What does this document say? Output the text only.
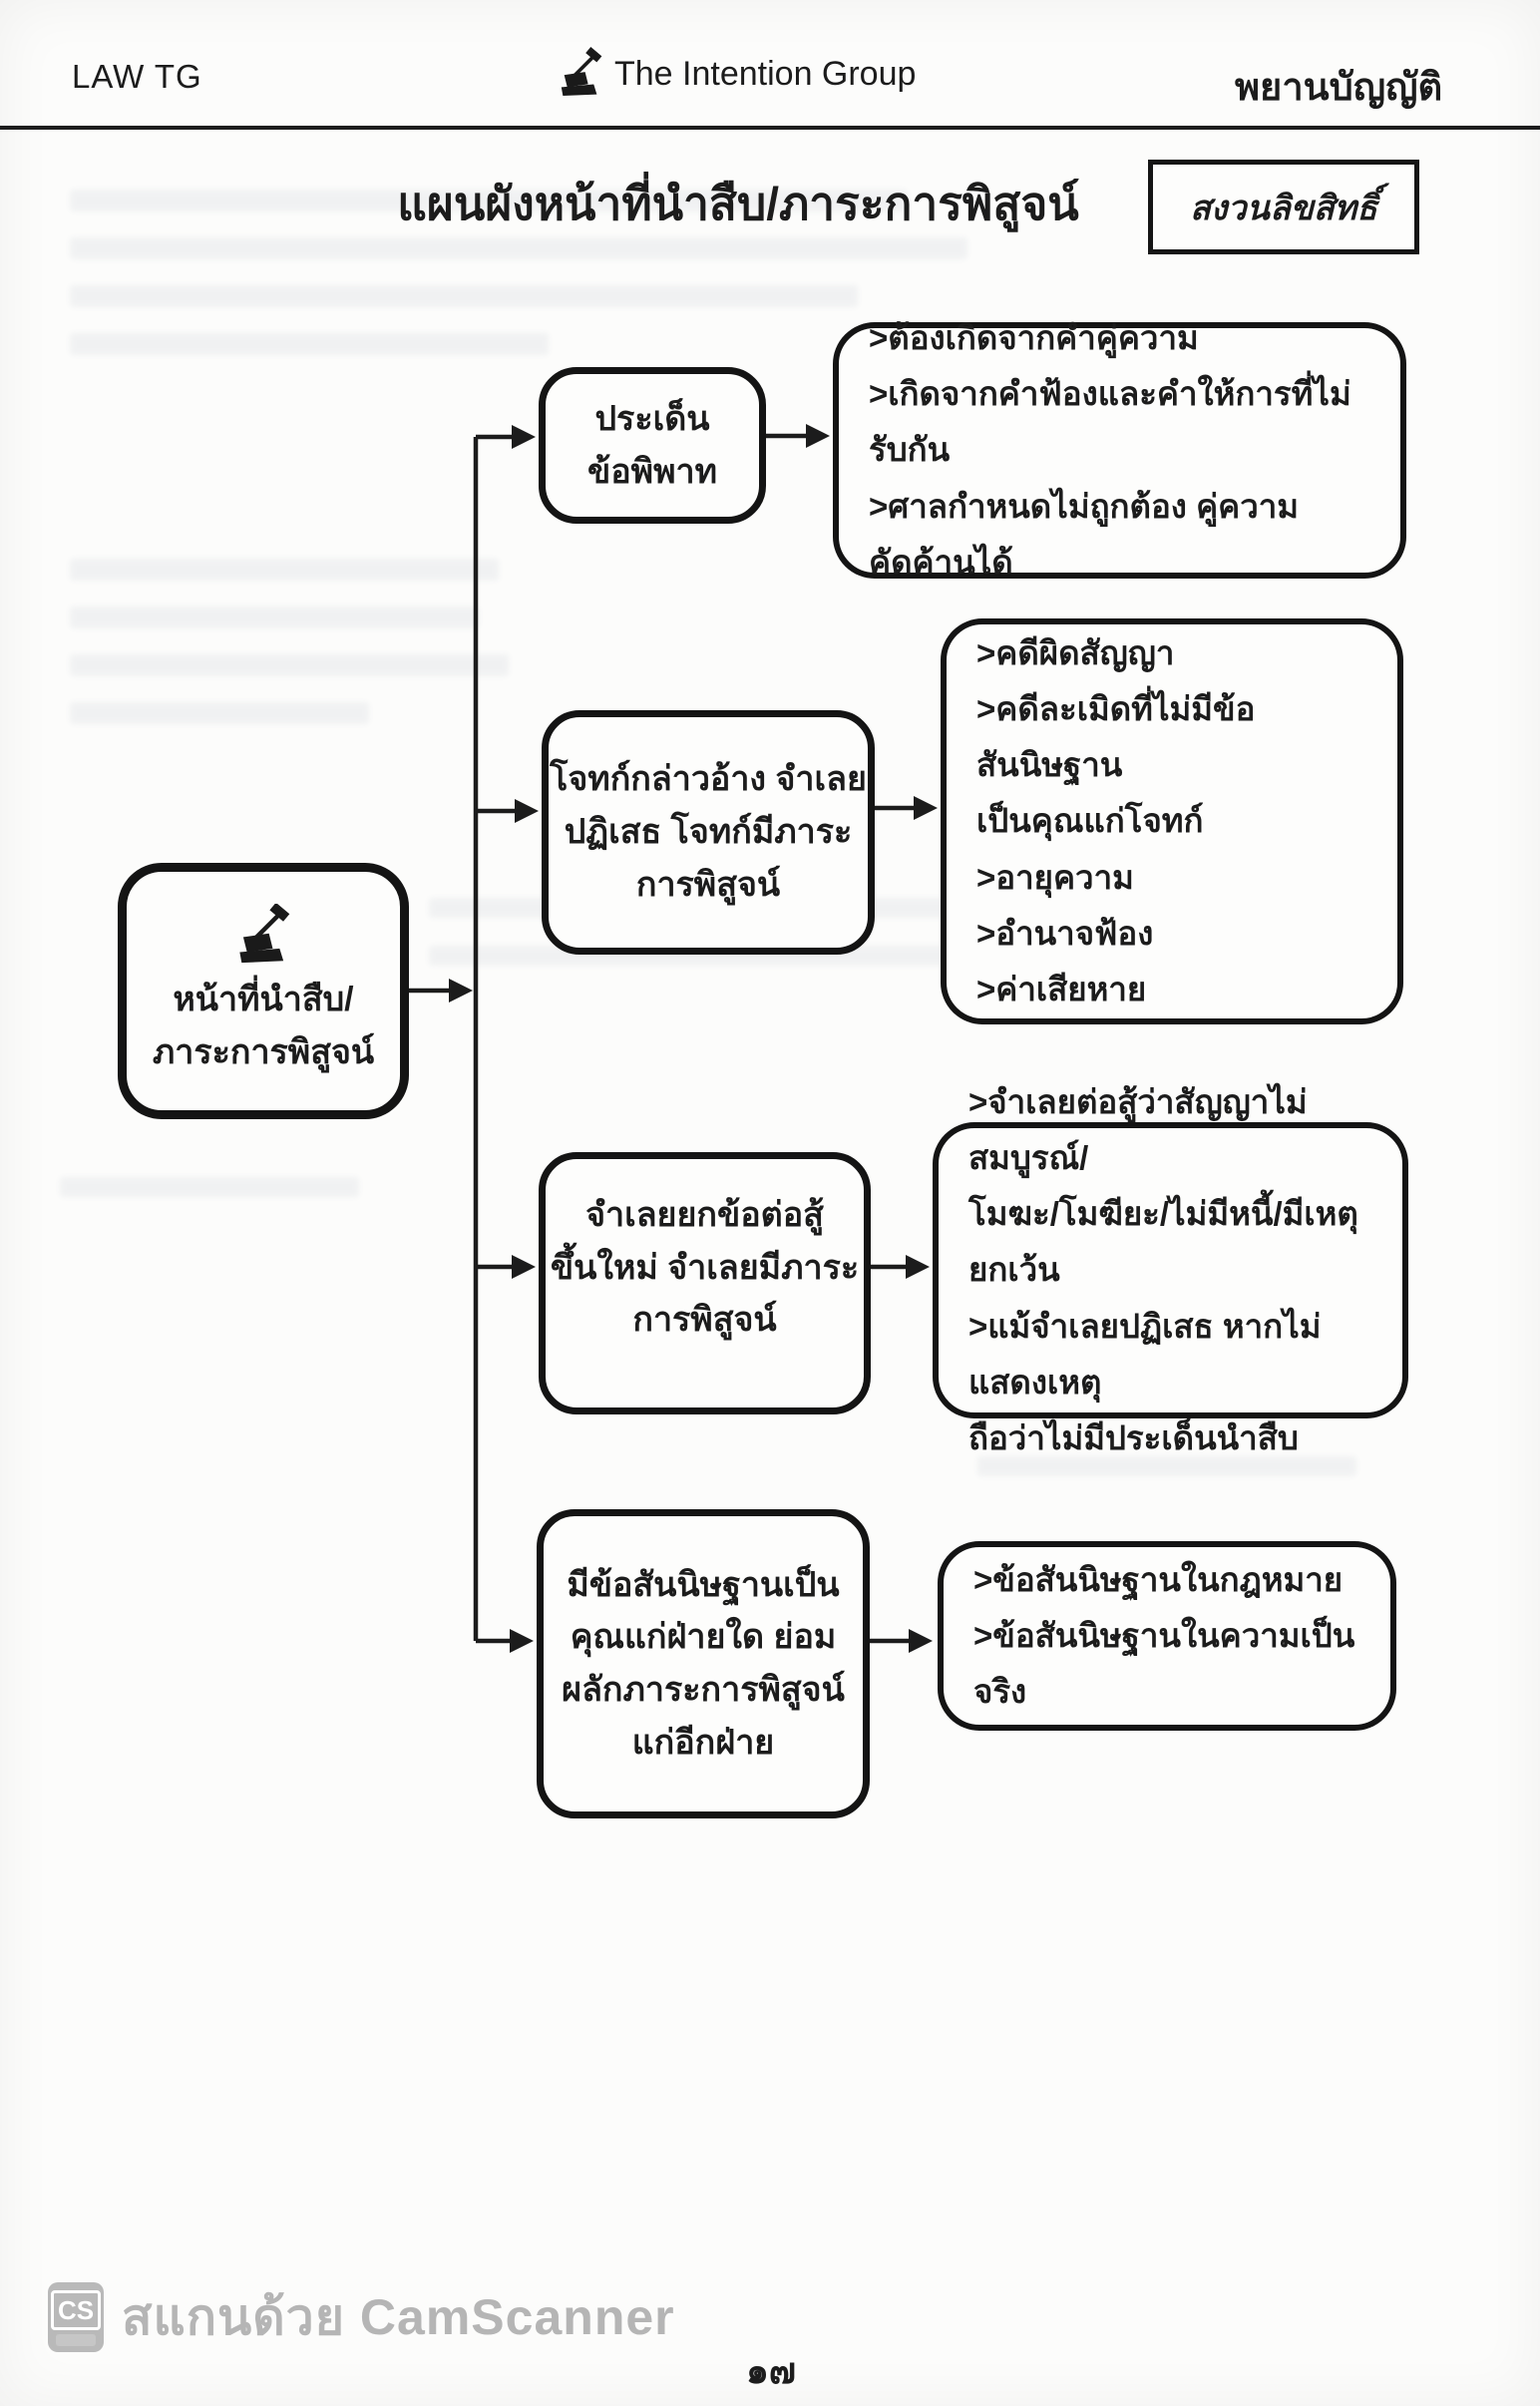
LAW TG	The Intention Group	พยานบัญญัติ
แผนผังหน้าที่นำสืบ/ภาระการพิสูจน์	สงวนลิขสิทธิ์
หน้าที่นำสืบ/
ภาระการพิสูจน์
ประเด็น
ข้อพิพาท
โจทก์กล่าวอ้าง จำเลย
ปฏิเสธ โจทก์มีภาระ
การพิสูจน์
จำเลยยกข้อต่อสู้
ขึ้นใหม่ จำเลยมีภาระ
การพิสูจน์
มีข้อสันนิษฐานเป็น
คุณแก่ฝ่ายใด ย่อม
ผลักภาระการพิสูจน์
แก่อีกฝ่าย
>ต้องเกิดจากคำคู่ความ
>เกิดจากคำฟ้องและคำให้การที่ไม่รับกัน
>ศาลกำหนดไม่ถูกต้อง คู่ความคัดค้านได้
>คดีผิดสัญญา
>คดีละเมิดที่ไม่มีข้อสันนิษฐาน
เป็นคุณแก่โจทก์
>อายุความ
>อำนาจฟ้อง
>ค่าเสียหาย
>จำเลยต่อสู้ว่าสัญญาไม่สมบูรณ์/
โมฆะ/โมฆียะ/ไม่มีหนี้/มีเหตุยกเว้น
>แม้จำเลยปฏิเสธ หากไม่แสดงเหตุ
ถือว่าไม่มีประเด็นนำสืบ
>ข้อสันนิษฐานในกฎหมาย
>ข้อสันนิษฐานในความเป็นจริง
CS สแกนด้วย CamScanner
๑๗
